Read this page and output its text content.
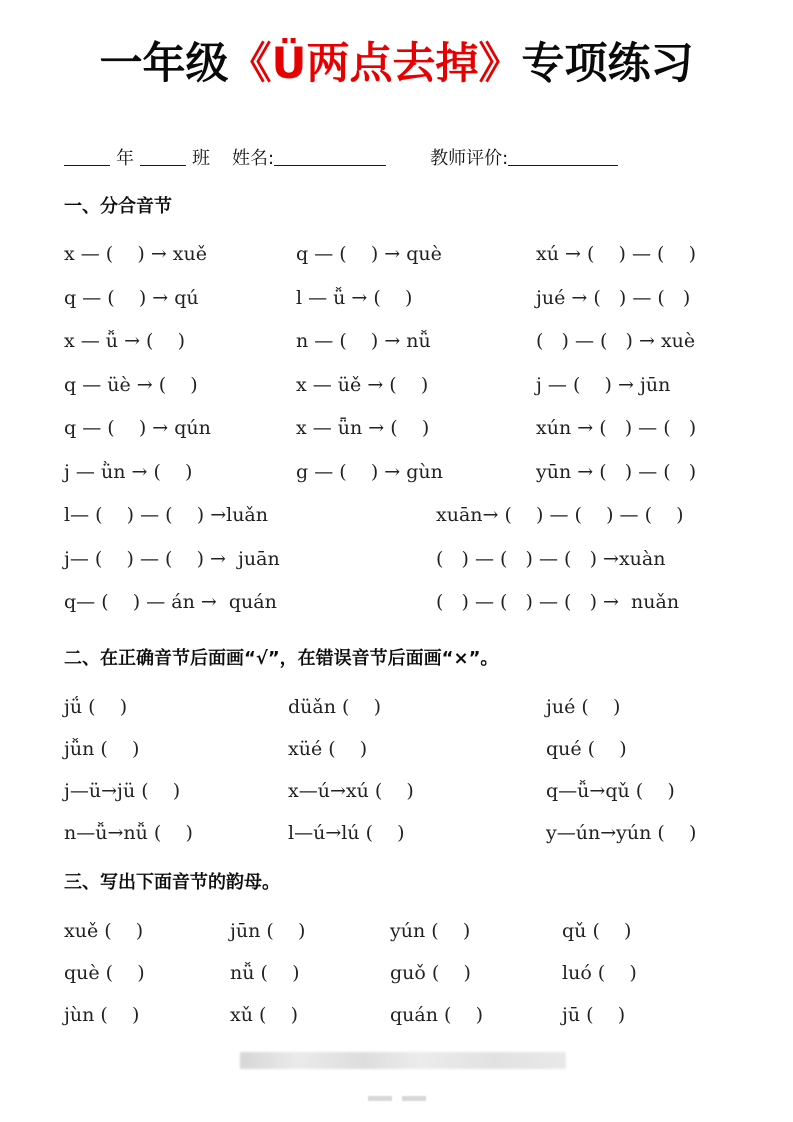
一年级《Ü两点去掉》专项练习
年	班 姓名:	教师评价:
一、分合音节
x — (    ) → xuě	q — (    ) → què	xú → (    ) — (    )
q — (    ) → qú	l — ǚ → (    )	jué → (   ) — (   )
x — ǚ → (    )	n — (    ) → nǚ	(   ) — (   ) → xuè
q — üè → (    )	x — üě → (    )	j — (    ) → jūn
q — (    ) → qún	x — ǖn → (    )	xún → (   ) — (   )
j — ǜn → (    )	g — (    ) → gùn	yūn → (   ) — (   )
l— (    ) — (    ) →luǎn	xuān→ (    ) — (    ) — (    )
j— (    ) — (    ) →  juān	(   ) — (   ) — (   ) →xuàn
q— (    ) — án →  quán	(   ) — (   ) — (   ) →  nuǎn
二、在正确音节后面画“√”，在错误音节后面画“×”。
jǘ (    )	düǎn (    )	jué (    )
jǚn (    )	xüé (    )	qué (    )
j—ü→jü (    )	x—ú→xú (    )	q—ǚ→qǔ (    )
n—ǚ→nǚ (    )	l—ú→lú (    )	y—ún→yún (    )
三、写出下面音节的韵母。
xuě (    )	jūn (    )	yún (    )	qǔ (    )
què (    )	nǚ (    )	guǒ (    )	luó (    )
jùn (    )	xǔ (    )	quán (    )	jū (    )
